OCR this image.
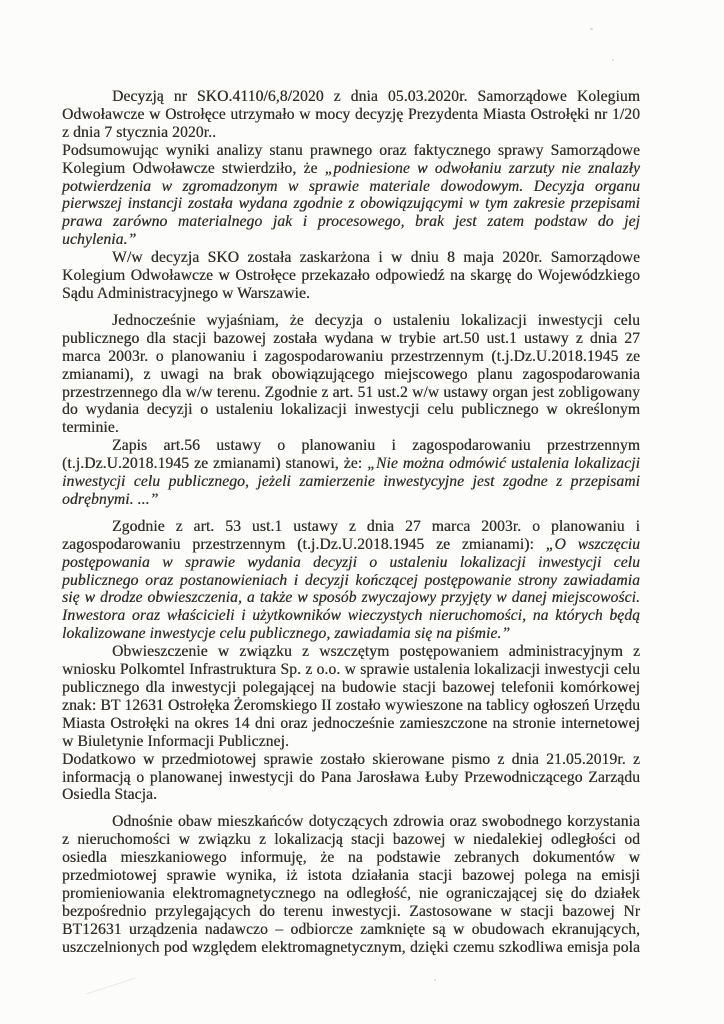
Decyzją nr SKO.4110/6,8/2020 z dnia 05.03.2020r. Samorządowe Kolegium Odwoławcze w Ostrołęce utrzymało w mocy decyzję Prezydenta Miasta Ostrołęki nr 1/20 z dnia 7 stycznia 2020r..

Podsumowując wyniki analizy stanu prawnego oraz faktycznego sprawy Samorządowe Kolegium Odwoławcze stwierdziło, że „podniesione w odwołaniu zarzuty nie znalazły potwierdzenia w zgromadzonym w sprawie materiale dowodowym. Decyzja organu pierwszej instancji została wydana zgodnie z obowiązującymi w tym zakresie przepisami prawa zarówno materialnego jak i procesowego, brak jest zatem podstaw do jej uchylenia.”

W/w decyzja SKO została zaskarżona i w dniu 8 maja 2020r. Samorządowe Kolegium Odwoławcze w Ostrołęce przekazało odpowiedź na skargę do Wojewódzkiego Sądu Administracyjnego w Warszawie.

Jednocześnie wyjaśniam, że decyzja o ustaleniu lokalizacji inwestycji celu publicznego dla stacji bazowej została wydana w trybie art.50 ust.1 ustawy z dnia 27 marca 2003r. o planowaniu i zagospodarowaniu przestrzennym (t.j.Dz.U.2018.1945 ze zmianami), z uwagi na brak obowiązującego miejscowego planu zagospodarowania przestrzennego dla w/w terenu. Zgodnie z art. 51 ust.2 w/w ustawy organ jest zobligowany do wydania decyzji o ustaleniu lokalizacji inwestycji celu publicznego w określonym terminie.

Zapis art.56 ustawy o planowaniu i zagospodarowaniu przestrzennym (t.j.Dz.U.2018.1945 ze zmianami) stanowi, że: „Nie można odmówić ustalenia lokalizacji inwestycji celu publicznego, jeżeli zamierzenie inwestycyjne jest zgodne z przepisami odrębnymi. ...”

Zgodnie z art. 53 ust.1 ustawy z dnia 27 marca 2003r. o planowaniu i zagospodarowaniu przestrzennym (t.j.Dz.U.2018.1945 ze zmianami): „O wszczęciu postępowania w sprawie wydania decyzji o ustaleniu lokalizacji inwestycji celu publicznego oraz postanowieniach i decyzji kończącej postępowanie strony zawiadamia się w drodze obwieszczenia, a także w sposób zwyczajowy przyjęty w danej miejscowości. Inwestora oraz właścicieli i użytkowników wieczystych nieruchomości, na których będą lokalizowane inwestycje celu publicznego, zawiadamia się na piśmie.”

Obwieszczenie w związku z wszczętym postępowaniem administracyjnym z wniosku Polkomtel Infrastruktura Sp. z o.o. w sprawie ustalenia lokalizacji inwestycji celu publicznego dla inwestycji polegającej na budowie stacji bazowej telefonii komórkowej znak: BT 12631 Ostrołęka Żeromskiego II zostało wywieszone na tablicy ogłoszeń Urzędu Miasta Ostrołęki na okres 14 dni oraz jednocześnie zamieszczone na stronie internetowej w Biuletynie Informacji Publicznej.

Dodatkowo w przedmiotowej sprawie zostało skierowane pismo z dnia 21.05.2019r. z informacją o planowanej inwestycji do Pana Jarosława Łuby Przewodniczącego Zarządu Osiedla Stacja.

Odnośnie obaw mieszkańców dotyczących zdrowia oraz swobodnego korzystania z nieruchomości w związku z lokalizacją stacji bazowej w niedalekiej odległości od osiedla mieszkaniowego informuję, że na podstawie zebranych dokumentów w przedmiotowej sprawie wynika, iż istota działania stacji bazowej polega na emisji promieniowania elektromagnetycznego na odległość, nie ograniczającej się do działek bezpośrednio przylegających do terenu inwestycji. Zastosowane w stacji bazowej Nr BT12631 urządzenia nadawczo – odbiorcze zamknięte są w obudowach ekranujących, uszczelnionych pod względem elektromagnetycznym, dzięki czemu szkodliwa emisja pola
